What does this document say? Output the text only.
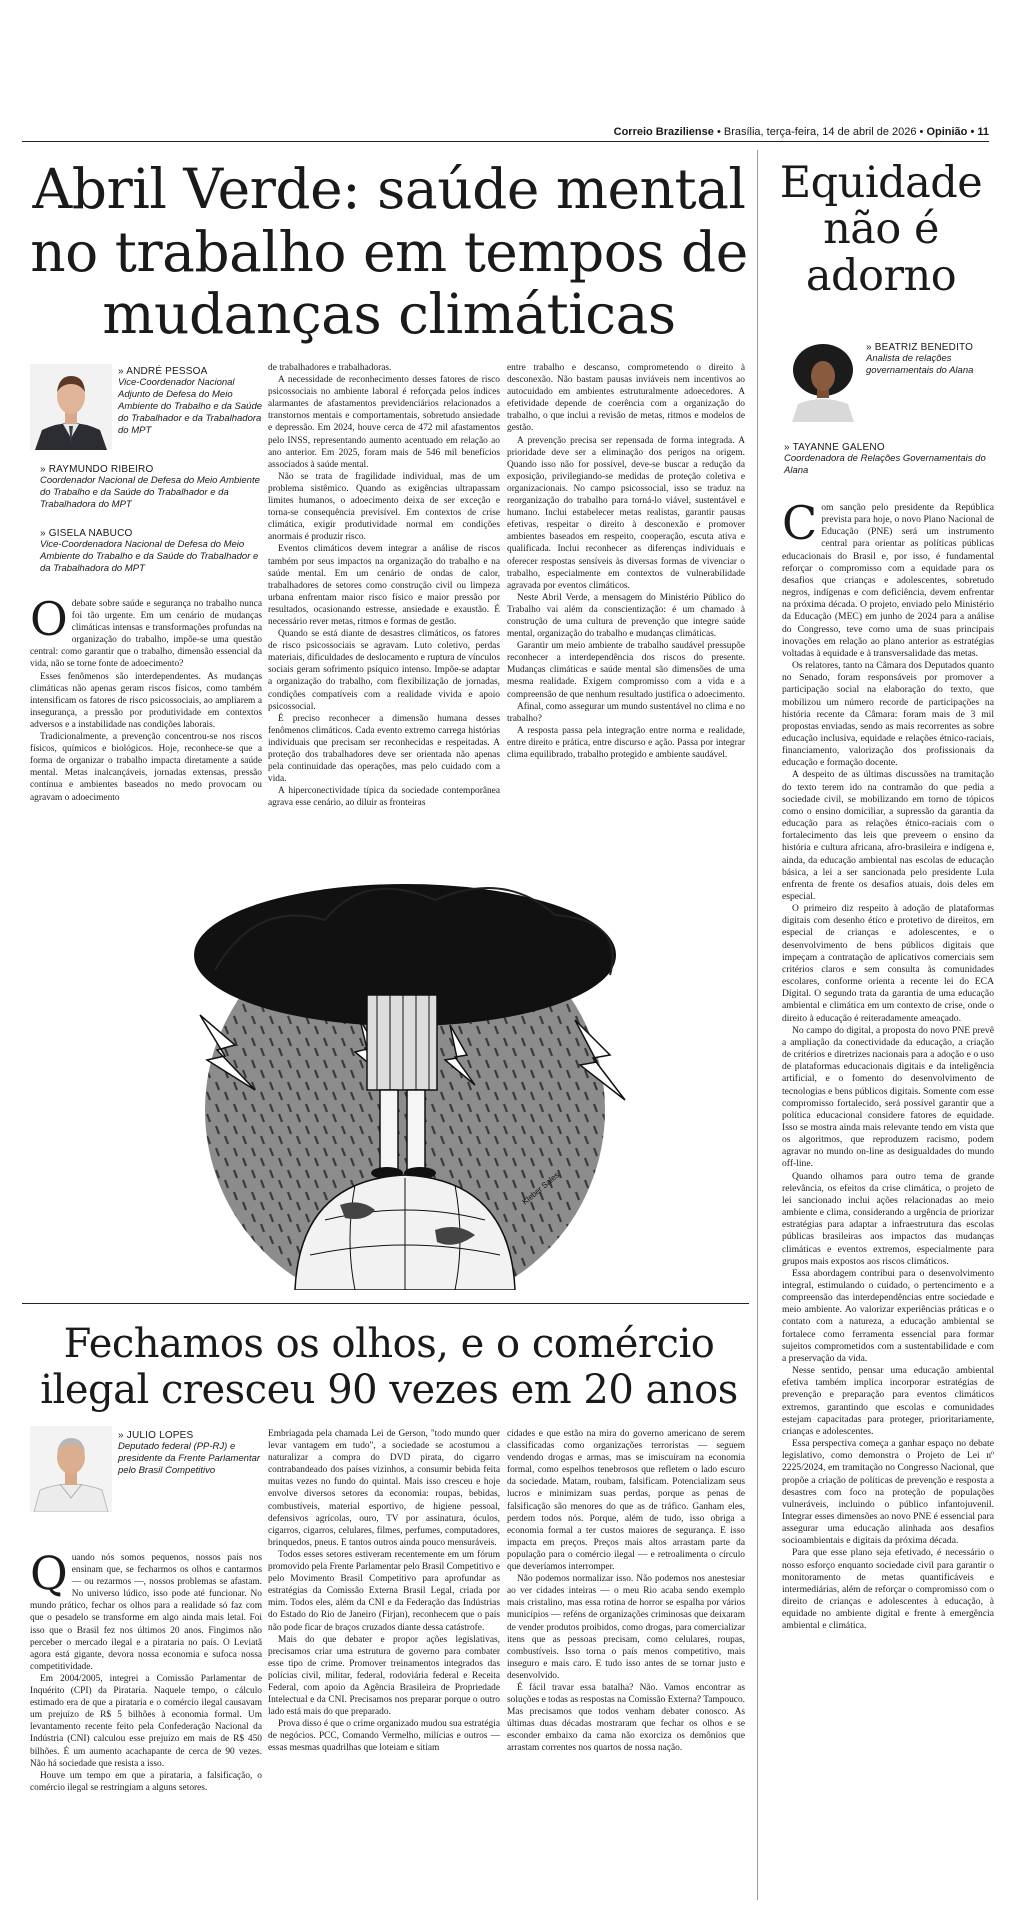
Correio Braziliense • Brasília, terça-feira, 14 de abril de 2026 • Opinião • 11
Abril Verde: saúde mental no trabalho em tempos de mudanças climáticas
» ANDRÉ PESSOA
Vice-Coordenador Nacional Adjunto de Defesa do Meio Ambiente do Trabalho e da Saúde do Trabalhador e da Trabalhadora do MPT
» RAYMUNDO RIBEIRO
Coordenador Nacional de Defesa do Meio Ambiente do Trabalho e da Saúde do Trabalhador e da Trabalhadora do MPT
» GISELA NABUCO
Vice-Coordenadora Nacional de Defesa do Meio Ambiente do Trabalho e da Saúde do Trabalhador e da Trabalhadora do MPT

O debate sobre saúde e segurança no trabalho nunca foi tão urgente. Em um cenário de mudanças climáticas intensas e transformações profundas na organização do trabalho, impõe-se uma questão central: como garantir que o trabalho, dimensão essencial da vida, não se torne fonte de adoecimento?

Esses fenômenos são interdependentes. As mudanças climáticas não apenas geram riscos físicos, como também intensificam os fatores de risco psicossociais, ao ampliarem a insegurança, a pressão por produtividade em contextos adversos e a instabilidade nas condições laborais.

Tradicionalmente, a prevenção concentrou-se nos riscos físicos, químicos e biológicos. Hoje, reconhece-se que a forma de organizar o trabalho impacta diretamente a saúde mental. Metas inalcançáveis, jornadas extensas, pressão contínua e ambientes baseados no medo provocam ou agravam o adoecimento

de trabalhadores e trabalhadoras.

A necessidade de reconhecimento desses fatores de risco psicossociais no ambiente laboral é reforçada pelos índices alarmantes de afastamentos previdenciários relacionados a transtornos mentais e comportamentais, sobretudo ansiedade e depressão. Em 2024, houve cerca de 472 mil afastamentos pelo INSS, representando aumento acentuado em relação ao ano anterior. Em 2025, foram mais de 546 mil benefícios associados à saúde mental.

Não se trata de fragilidade individual, mas de um problema sistêmico. Quando as exigências ultrapassam limites humanos, o adoecimento deixa de ser exceção e torna-se consequência previsível. Em contextos de crise climática, exigir produtividade normal em condições anormais é produzir risco.

Eventos climáticos devem integrar a análise de riscos também por seus impactos na organização do trabalho e na saúde mental. Em um cenário de ondas de calor, trabalhadores de setores como construção civil ou limpeza urbana enfrentam maior risco físico e maior pressão por resultados, ocasionando estresse, ansiedade e exaustão. É necessário rever metas, ritmos e formas de gestão.

Quando se está diante de desastres climáticos, os fatores de risco psicossociais se agravam. Luto coletivo, perdas materiais, dificuldades de deslocamento e ruptura de vínculos sociais geram sofrimento psíquico intenso. Impõe-se adaptar a organização do trabalho, com flexibilização de jornadas, condições compatíveis com a realidade vivida e apoio psicossocial.

É preciso reconhecer a dimensão humana desses fenômenos climáticos. Cada evento extremo carrega histórias individuais que precisam ser reconhecidas e respeitadas. A proteção dos trabalhadores deve ser orientada não apenas pela continuidade das operações, mas pelo cuidado com a vida.

A hiperconectividade típica da sociedade contemporânea agrava esse cenário, ao diluir as fronteiras

entre trabalho e descanso, comprometendo o direito à desconexão. Não bastam pausas inviáveis nem incentivos ao autocuidado em ambientes estruturalmente adoecedores. A efetividade depende de coerência com a organização do trabalho, o que inclui a revisão de metas, ritmos e modelos de gestão.

A prevenção precisa ser repensada de forma integrada. A prioridade deve ser a eliminação dos perigos na origem. Quando isso não for possível, deve-se buscar a redução da exposição, privilegiando-se medidas de proteção coletiva e organizacionais. No campo psicossocial, isso se traduz na reorganização do trabalho para torná-lo viável, sustentável e humano. Inclui estabelecer metas realistas, garantir pausas efetivas, respeitar o direito à desconexão e promover ambientes baseados em respeito, cooperação, escuta ativa e qualificada. Inclui reconhecer as diferenças individuais e oferecer respostas sensíveis às diversas formas de vivenciar o trabalho, especialmente em contextos de vulnerabilidade agravada por eventos climáticos.

Neste Abril Verde, a mensagem do Ministério Público do Trabalho vai além da conscientização: é um chamado à construção de uma cultura de prevenção que integre saúde mental, organização do trabalho e mudanças climáticas.

Garantir um meio ambiente de trabalho saudável pressupõe reconhecer a interdependência dos riscos do presente. Mudanças climáticas e saúde mental são dimensões de uma mesma realidade. Exigem compromisso com a vida e a compreensão de que nenhum resultado justifica o adoecimento.

Afinal, como assegurar um mundo sustentável no clima e no trabalho?

A resposta passa pela integração entre norma e realidade, entre direito e prática, entre discurso e ação. Passa por integrar clima equilibrado, trabalho protegido e ambiente saudável.

Kleber Sales
Fechamos os olhos, e o comércio ilegal cresceu 90 vezes em 20 anos
» JULIO LOPES
Deputado federal (PP-RJ) e presidente da Frente Parlamentar pelo Brasil Competitivo

Quando nós somos pequenos, nossos pais nos ensinam que, se fecharmos os olhos e cantarmos — ou rezarmos —, nossos problemas se afastam. No universo lúdico, isso pode até funcionar. No mundo prático, fechar os olhos para a realidade só faz com que o pesadelo se transforme em algo ainda mais letal. Foi isso que o Brasil fez nos últimos 20 anos. Fingimos não perceber o mercado ilegal e a pirataria no país. O Leviatã agora está gigante, devora nossa economia e sufoca nossa competitividade.

Em 2004/2005, integrei a Comissão Parlamentar de Inquérito (CPI) da Pirataria. Naquele tempo, o cálculo estimado era de que a pirataria e o comércio ilegal causavam um prejuízo de R$ 5 bilhões à economia formal. Um levantamento recente feito pela Confederação Nacional da Indústria (CNI) calculou esse prejuízo em mais de R$ 450 bilhões. É um aumento acachapante de cerca de 90 vezes. Não há sociedade que resista a isso.

Houve um tempo em que a pirataria, a falsificação, o comércio ilegal se restringiam a alguns setores.

Embriagada pela chamada Lei de Gerson, "todo mundo quer levar vantagem em tudo", a sociedade se acostumou a naturalizar a compra do DVD pirata, do cigarro contrabandeado dos países vizinhos, a consumir bebida feita muitas vezes no fundo do quintal. Mais isso cresceu e hoje envolve diversos setores da economia: roupas, bebidas, combustíveis, material esportivo, de higiene pessoal, defensivos agrícolas, ouro, TV por assinatura, óculos, cigarros, cigarros, celulares, filmes, perfumes, computadores, brinquedos, pneus. E tantos outros ainda pouco mensuráveis.

Todos esses setores estiveram recentemente em um fórum promovido pela Frente Parlamentar pelo Brasil Competitivo e pelo Movimento Brasil Competitivo para aprofundar as estratégias da Comissão Externa Brasil Legal, criada por mim. Todos eles, além da CNI e da Federação das Indústrias do Estado do Rio de Janeiro (Firjan), reconhecem que o país não pode ficar de braços cruzados diante dessa catástrofe.

Mais do que debater e propor ações legislativas, precisamos criar uma estrutura de governo para combater esse tipo de crime. Promover treinamentos integrados das polícias civil, militar, federal, rodoviária federal e Receita Federal, com apoio da Agência Brasileira de Propriedade Intelectual e da CNI. Precisamos nos preparar porque o outro lado está mais do que preparado.

Prova disso é que o crime organizado mudou sua estratégia de negócios. PCC, Comando Vermelho, milícias e outros — essas mesmas quadrilhas que loteiam e sitiam

cidades e que estão na mira do governo americano de serem classificadas como organizações terroristas — seguem vendendo drogas e armas, mas se imiscuíram na economia formal, como espelhos tenebrosos que refletem o lado escuro da sociedade. Matam, roubam, falsificam. Potencializam seus lucros e minimizam suas perdas, porque as penas de falsificação são menores do que as de tráfico. Ganham eles, perdem todos nós. Porque, além de tudo, isso obriga a economia formal a ter custos maiores de segurança. E isso impacta em preços. Preços mais altos arrastam parte da população para o comércio ilegal — e retroalimenta o círculo que deveríamos interromper.

Não podemos normalizar isso. Não podemos nos anestesiar ao ver cidades inteiras — o meu Rio acaba sendo exemplo mais cristalino, mas essa rotina de horror se espalha por vários municípios — reféns de organizações criminosas que deixaram de vender produtos proibidos, como drogas, para comercializar itens que as pessoas precisam, como celulares, roupas, combustíveis. Isso torna o país menos competitivo, mais inseguro e mais caro. E tudo isso antes de se tornar justo e desenvolvido.

É fácil travar essa batalha? Não. Vamos encontrar as soluções e todas as respostas na Comissão Externa? Tampouco. Mas precisamos que todos venham debater conosco. As últimas duas décadas mostraram que fechar os olhos e se esconder embaixo da cama não exorciza os demônios que arrastam correntes nos quartos de nossa nação.

Equidade não é adorno
» BEATRIZ BENEDITO
Analista de relações governamentais do Alana
» TAYANNE GALENO
Coordenadora de Relações Governamentais do Alana

Com sanção pelo presidente da República prevista para hoje, o novo Plano Nacional de Educação (PNE) será um instrumento central para orientar as políticas públicas educacionais do Brasil e, por isso, é fundamental reforçar o compromisso com a equidade para os desafios que crianças e adolescentes, sobretudo negros, indígenas e com deficiência, devem enfrentar na próxima década. O projeto, enviado pelo Ministério da Educação (MEC) em junho de 2024 para a análise do Congresso, teve como uma de suas principais inovações em relação ao plano anterior as estratégias voltadas à equidade e à transversalidade das metas.

Os relatores, tanto na Câmara dos Deputados quanto no Senado, foram responsáveis por promover a participação social na elaboração do texto, que mobilizou um número recorde de participações na história recente da Câmara: foram mais de 3 mil propostas enviadas, sendo as mais recorrentes as sobre educação inclusiva, equidade e relações étnico-raciais, financiamento, valorização dos profissionais da educação e formação docente.

A despeito de as últimas discussões na tramitação do texto terem ido na contramão do que pedia a sociedade civil, se mobilizando em torno de tópicos como o ensino domiciliar, a supressão da garantia da educação para as relações étnico-raciais com o fortalecimento das leis que preveem o ensino da história e cultura africana, afro-brasileira e indígena e, ainda, da educação ambiental nas escolas de educação básica, a lei a ser sancionada pelo presidente Lula enfrenta de frente os desafios atuais, dois deles em especial.

O primeiro diz respeito à adoção de plataformas digitais com desenho ético e protetivo de direitos, em especial de crianças e adolescentes, e o desenvolvimento de bens públicos digitais que impeçam a contratação de aplicativos comerciais sem critérios claros e sem consulta às comunidades escolares, conforme orienta a recente lei do ECA Digital. O segundo trata da garantia de uma educação ambiental e climática em um contexto de crise, onde o direito à educação é reiteradamente ameaçado.

No campo do digital, a proposta do novo PNE prevê a ampliação da conectividade da educação, a criação de critérios e diretrizes nacionais para a adoção e o uso de plataformas educacionais digitais e da inteligência artificial, e o fomento do desenvolvimento de tecnologias e bens públicos digitais. Somente com esse compromisso fortalecido, será possível garantir que a política educacional considere fatores de equidade. Isso se mostra ainda mais relevante tendo em vista que os algoritmos, que reproduzem racismo, podem agravar no mundo on-line as desigualdades do mundo off-line.

Quando olhamos para outro tema de grande relevância, os efeitos da crise climática, o projeto de lei sancionado inclui ações relacionadas ao meio ambiente e clima, considerando a urgência de priorizar estratégias para adaptar a infraestrutura das escolas públicas brasileiras aos impactos das mudanças climáticas e eventos extremos, especialmente para grupos mais expostos aos riscos climáticos.

Essa abordagem contribui para o desenvolvimento integral, estimulando o cuidado, o pertencimento e a compreensão das interdependências entre sociedade e meio ambiente. Ao valorizar experiências práticas e o contato com a natureza, a educação ambiental se fortalece como ferramenta essencial para formar sujeitos comprometidos com a sustentabilidade e com a preservação da vida.

Nesse sentido, pensar uma educação ambiental efetiva também implica incorporar estratégias de prevenção e preparação para eventos climáticos extremos, garantindo que escolas e comunidades estejam capacitadas para proteger, prioritariamente, crianças e adolescentes.

Essa perspectiva começa a ganhar espaço no debate legislativo, como demonstra o Projeto de Lei nº 2225/2024, em tramitação no Congresso Nacional, que propõe a criação de políticas de prevenção e resposta a desastres com foco na proteção de populações vulneráveis, incluindo o público infantojuvenil. Integrar esses dimensões ao novo PNE é essencial para assegurar uma educação alinhada aos desafios socioambientais e digitais da próxima década.

Para que esse plano seja efetivado, é necessário o nosso esforço enquanto sociedade civil para garantir o monitoramento de metas quantificáveis e intermediárias, além de reforçar o compromisso com o direito de crianças e adolescentes à educação, à equidade no ambiente digital e frente à emergência ambiental e climática.
